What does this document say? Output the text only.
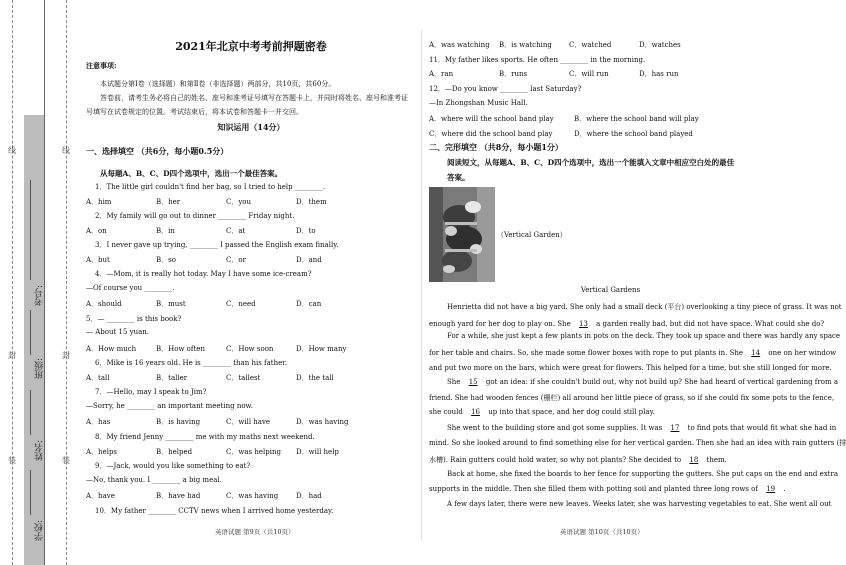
学校:
姓名:
班级:
考号:
线
封
装
线
封
装
2021年北京中考考前押题密卷
注意事项:
本试题分第Ⅰ卷（选择题）和第Ⅱ卷（非选择题）两部分，共10页，共60分。
答卷前，请考生务必将自己的姓名、座号和准考证号填写在答题卡上，并同时将姓名、座号和准考证
号填写在试卷规定的位置。考试结束后，将本试卷和答题卡一并交回。
知识运用（14分）
一、选择填空 （共6分，每小题0.5分）
从每题A、B、C、D四个选项中，选出一个最佳答案。
1．The little girl couldn't find her bag, so I tried to help ________.
A．him	B．her	C．you	D．them
2．My family will go out to dinner ________ Friday night.
A．on	B．in	C．at	D．to
3．I never gave up trying, ________ I passed the English exam finally.
A．but	B．so	C．or	D．and
4．—Mom, it is really hot today. May I have some ice-cream?
—Of course you ________.
A．should	B．must	C．need	D．can
5．— ________ is this book?
— About 15 yuan.
A．How much	B．How often	C．How soon	D．How many
6．Mike is 16 years old. He is ________ than his father.
A．tall	B．taller	C．tallest	D．the tall
7．—Hello, may I speak to Jim?
—Sorry, he ________ an important meeting now.
A．has	B．is having	C．will have	D．was having
8．My friend Jenny ________ me with my maths next weekend.
A．helps	B．helped	C．was helping D．will help
9．—Jack, would you like something to eat?
—No, thank you. I ________ a big meal.
A．have	B．have had	C．was having	D．had
10．My father ________ CCTV news when I arrived home yesterday.
英语试题 第9页（共10页）
A．was watching B．is watching C．watched	D．watches
11．My father likes sports. He often ________ in the morning.
A．ran	B．runs	C．will run	D．has run
12．—Do you know ________ last Saturday?
—In Zhongshan Music Hall.
A．where will the school band play	B．where the school band will play
C．where did the school band play	D．where the school band played
二、完形填空 （共8分，每小题1分）
阅读短文，从每题A、B、C、D四个选项中，选出一个能填入文章中相应空白处的最佳
答案。
（Vertical Garden）
Vertical Gardens
Henrietta did not have a big yard. She only had a small deck (平台) overlooking a tiny piece of grass. It was not
enough yard for her dog to play on. She 13 a garden really bad, but did not have space. What could she do?
For a while, she just kept a few plants in pots on the deck. They took up space and there was hardly any space
for her table and chairs. So, she made some flower boxes with rope to put plants in. She 14 one on her window
and put two more on the bars, which were great for flowers. This helped for a time, but she still longed for more.
She 15 got an idea: if she couldn't build out, why not build up? She had heard of vertical gardening from a
friend. She had wooden fences (栅栏) all around her little piece of grass, so if she could fix some pots to the fence,
she could 16 up into that space, and her dog could still play.
She went to the building store and got some supplies. It was 17 to find pots that would fit what she had in
mind. So she looked around to find something else for her vertical garden. Then she had an idea with rain gutters (排
水槽). Rain gutters could hold water, so why not plants? She decided to 18 them.
Back at home, she fixed the boards to her fence for supporting the gutters. She put caps on the end and extra
supports in the middle. Then she filled them with potting soil and planted three long rows of 19 .
A few days later, there were new leaves. Weeks later, she was harvesting vegetables to eat. She went all out
英语试题 第10页（共10页）
